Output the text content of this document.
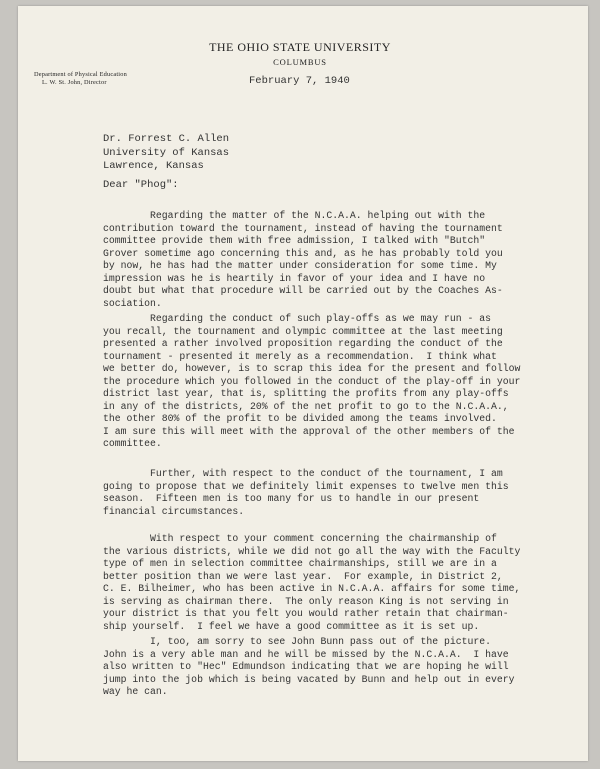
THE OHIO STATE UNIVERSITY
COLUMBUS
Department of Physical Education
L. W. St. John, Director	February 7, 1940
Dr. Forrest C. Allen
University of Kansas
Lawrence, Kansas
Dear "Phog":
Regarding the matter of the N.C.A.A. helping out with the
contribution toward the tournament, instead of having the tournament
committee provide them with free admission, I talked with "Butch"
Grover sometime ago concerning this and, as he has probably told you
by now, he has had the matter under consideration for some time. My
impression was he is heartily in favor of your idea and I have no
doubt but what that procedure will be carried out by the Coaches As-
sociation.
Regarding the conduct of such play-offs as we may run - as
you recall, the tournament and olympic committee at the last meeting
presented a rather involved proposition regarding the conduct of the
tournament - presented it merely as a recommendation.  I think what
we better do, however, is to scrap this idea for the present and follow
the procedure which you followed in the conduct of the play-off in your
district last year, that is, splitting the profits from any play-offs
in any of the districts, 20% of the net profit to go to the N.C.A.A.,
the other 80% of the profit to be divided among the teams involved.
I am sure this will meet with the approval of the other members of the
committee.
Further, with respect to the conduct of the tournament, I am
going to propose that we definitely limit expenses to twelve men this
season.  Fifteen men is too many for us to handle in our present
financial circumstances.
With respect to your comment concerning the chairmanship of
the various districts, while we did not go all the way with the Faculty
type of men in selection committee chairmanships, still we are in a
better position than we were last year.  For example, in District 2,
C. E. Bilheimer, who has been active in N.C.A.A. affairs for some time,
is serving as chairman there.  The only reason King is not serving in
your district is that you felt you would rather retain that chairman-
ship yourself.  I feel we have a good committee as it is set up.
I, too, am sorry to see John Bunn pass out of the picture.
John is a very able man and he will be missed by the N.C.A.A.  I have
also written to "Hec" Edmundson indicating that we are hoping he will
jump into the job which is being vacated by Bunn and help out in every
way he can.
